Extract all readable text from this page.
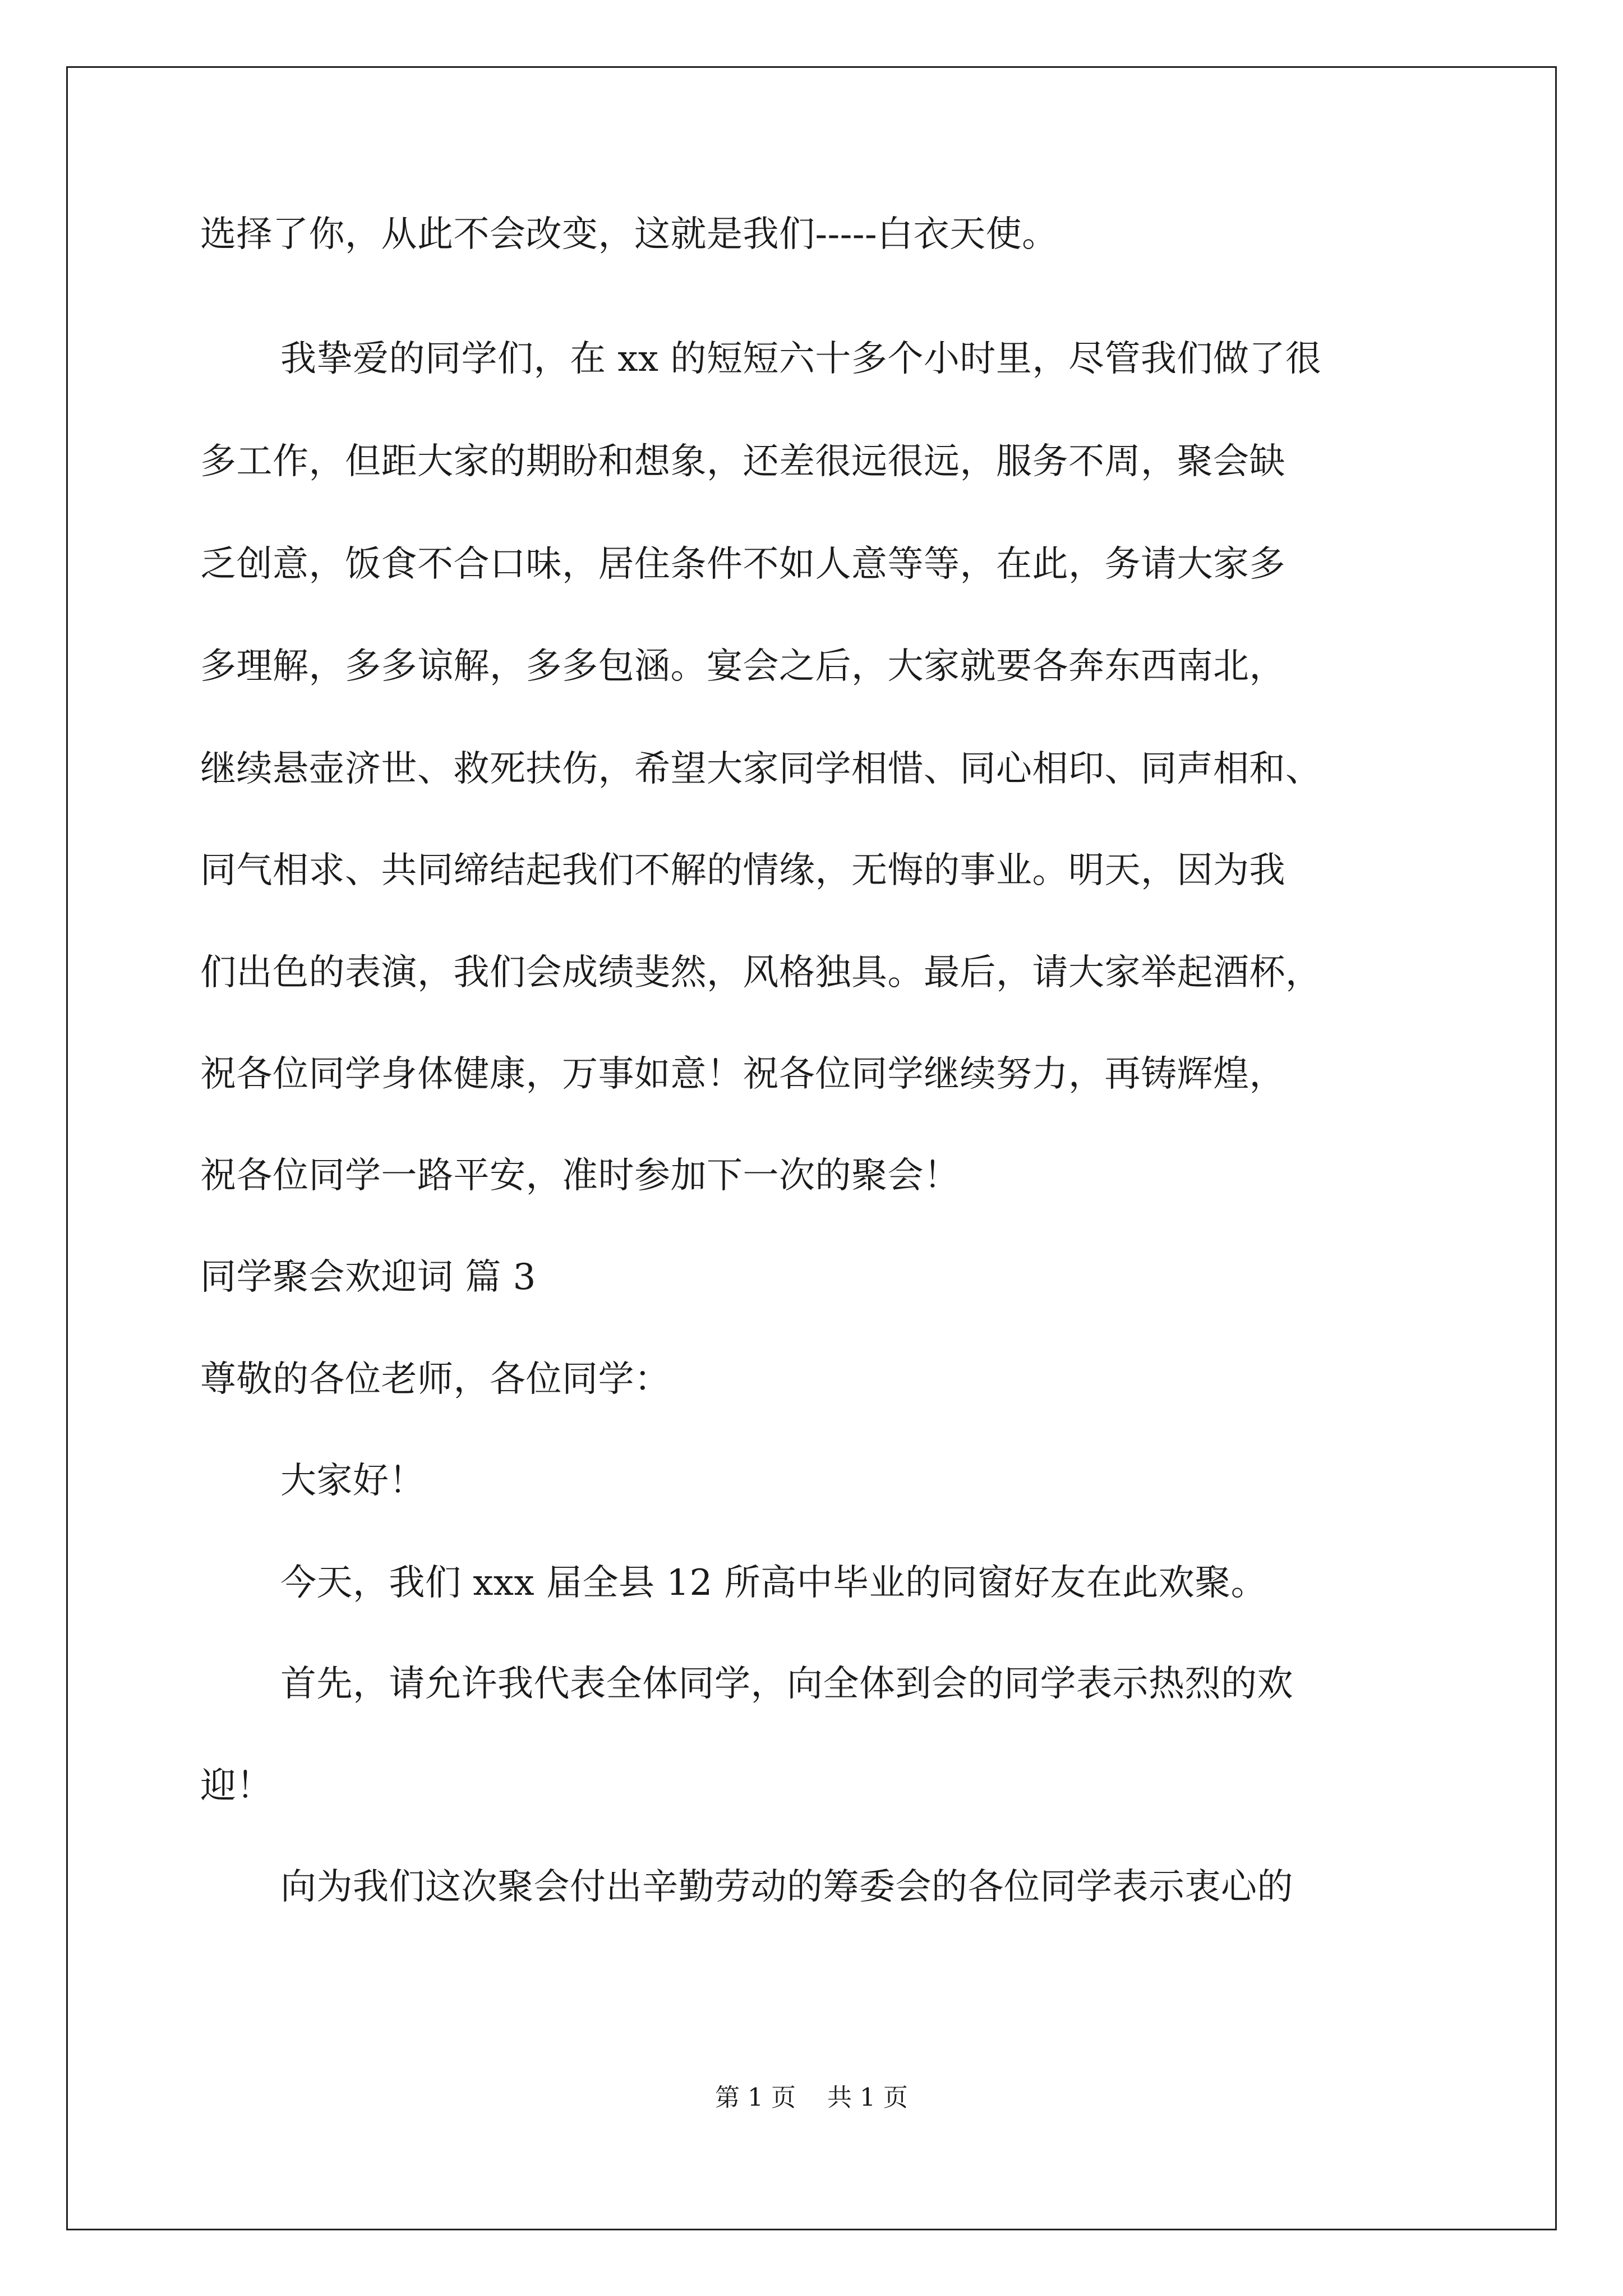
选择了你，从此不会改变，这就是我们-----白衣天使。
我挚爱的同学们，在 xx 的短短六十多个小时里，尽管我们做了很
多工作，但距大家的期盼和想象，还差很远很远，服务不周，聚会缺
乏创意，饭食不合口味，居住条件不如人意等等，在此，务请大家多
多理解，多多谅解，多多包涵。宴会之后，大家就要各奔东西南北，
继续悬壶济世、救死扶伤，希望大家同学相惜、同心相印、同声相和、
同气相求、共同缔结起我们不解的情缘，无悔的事业。明天，因为我
们出色的表演，我们会成绩斐然，风格独具。最后，请大家举起酒杯，
祝各位同学身体健康，万事如意！祝各位同学继续努力，再铸辉煌，
祝各位同学一路平安，准时参加下一次的聚会！
同学聚会欢迎词 篇 3
尊敬的各位老师，各位同学：
大家好！
今天，我们 xxx 届全县 12 所高中毕业的同窗好友在此欢聚。
首先，请允许我代表全体同学，向全体到会的同学表示热烈的欢
迎！
向为我们这次聚会付出辛勤劳动的筹委会的各位同学表示衷心的
第 1 页    共 1 页
